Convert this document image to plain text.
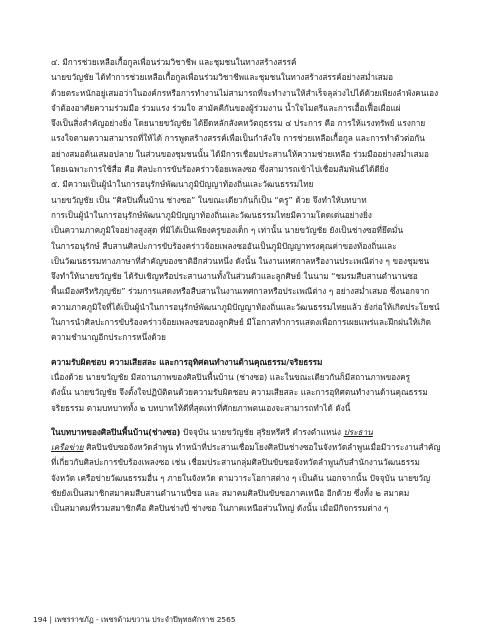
๔. มีการช่วยเหลือเกื้อกูลเพื่อนร่วมวิชาชีพ และชุมชนในทางสร้างสรรค์
นายขวัญชัย ได้ทำการช่วยเหลือเกื้อกูลเพื่อนร่วมวิชาชีพและชุมชนในทางสร้างสรรค์อย่างสม่ำเสมอ
ด้วยตระหนักอยู่เสมอว่าในองค์กรหรือการทำงานไม่สามารถที่จะทำงานให้สำเร็จลุล่วงไปได้ด้วยเพียงลำพังคนเอง
จำต้องอาศัยความร่วมมือ ร่วมแรง ร่วมใจ สามัคคีกันของผู้ร่วมงาน น้ำใจไมตรีและการเอื้อเฟื้อเผื่อแผ่
จึงเป็นสิ่งสำคัญอย่างยิ่ง โดยนายขวัญชัย ได้ยึดหลักสังคหวัตถุธรรม ๔ ประการ คือ การให้แรงทรัพย์ แรงกาย
แรงใจตามความสามารถที่ให้ได้ การพูดสร้างสรรค์เพื่อเป็นกำลังใจ การช่วยเหลือเกื้อกูล และการทำตัวต่อกัน
อย่างสมอต้นเสมอปลาย ในส่วนของชุมชนนั้น ได้มีการเชื่อมประสานให้ความช่วยเหลือ ร่วมมืออย่างสม่ำเสมอ
โดยเฉพาะการใช้สื่อ คือ ศิลปะการขับร้องคร่าวจ้อยเพลงซอ ซึ่งสามารถเข้าไปเชื่อมสัมพันธ์ได้ดียิ่ง
๕. มีความเป็นผู้นำในการอนุรักษ์พัฒนาภูมิปัญญาท้องถิ่นและวัฒนธรรมไทย
นายขวัญชัย เป็น “ศิลปินพื้นบ้าน ช่างซอ” ในขณะเดียวกันก็เป็น “ครู” ด้วย จึงทำให้บทบาท
การเป็นผู้นำในการอนุรักษ์พัฒนาภูมิปัญญาท้องถิ่นและวัฒนธรรมไทยมีความโดดเด่นอย่างยิ่ง
เป็นความภาคภูมิใจอย่างสูงสุด ที่มิได้เป็นเพียงครูของเด็ก ๆ เท่านั้น นายขวัญชัย ยังเป็นช่างซอที่ยึดมั่น
ในการอนุรักษ์ สืบสานศิลปะการขับร้องคร่าวจ้อยเพลงซออันเป็นภูมิปัญญาทรงคุณค่าของท้องถิ่นและ
เป็นวัฒนธรรมทางภาษาที่สำคัญของชาติอีกส่วนหนึ่ง ดังนั้น ในงานเทศกาลหรืองานประเพณีต่าง ๆ ของชุมชน
จึงทำให้นายขวัญชัย ได้รับเชิญหรือประสานงานทั้งในส่วนตัวและลูกศิษย์ ในนาม “ชมรมสืบสานตำนานซอ
พื้นเมืองศรีหริภุญชัย” ร่วมการแสดงหรือสืบสานในงานเทศกาลหรือประเพณีต่าง ๆ อย่างสม่ำเสมอ ซึ่งนอกจาก
ความภาคภูมิใจที่ได้เป็นผู้นำในการอนุรักษ์พัฒนาภูมิปัญญาท้องถิ่นและวัฒนธรรมไทยแล้ว ยังก่อให้เกิดประโยชน์
ในการนำศิลปะการขับร้องคร่าวจ้อยเพลงซอของลูกศิษย์ มีโอกาสทำการแสดงเพื่อการเผยแพร่และฝึกฝนให้เกิด
ความชำนาญอีกประการหนึ่งด้วย
ความรับผิดชอบ ความเสียสละ และการอุทิศตนทำงานด้านคุณธรรม/จริยธรรม
เนื่องด้วย นายขวัญชัย มีสถานภาพของศิลปินพื้นบ้าน (ช่างซอ) และในขณะเดียวกันก็มีสถานภาพของครู
ดังนั้น นายขวัญชัย จึงตั้งใจปฏิบัติตนด้วยความรับผิดชอบ ความเสียสละ และการอุทิศตนทำงานด้านคุณธรรม
จริยธรรม ตามบทบาททั้ง ๒ บทบาทให้ดีที่สุดเท่าที่ศักยภาพตนเองจะสามารถทำได้ ดังนี้
ในบทบาทของศิลปินพื้นบ้าน(ช่างซอ) ปัจจุบัน นายขวัญชัย สุริยหรีศรี ดำรงตำแหน่ง ประธาน
เครือข่าย ศิลปินขับซอจังหวัดลำพูน ทำหน้าที่ประสานเชื่อมโยงศิลปินช่างซอในจังหวัดลำพูนเมื่อมีวาระงานสำคัญ
ที่เกี่ยวกับศิลปะการขับร้องเพลงซอ เช่น เชื่อมประสานกลุ่มศิลปินขับซอจังหวัดลำพูนกับสำนักงานวัฒนธรรม
จังหวัด เครือข่ายวัฒนธรรมอื่น ๆ ภายในจังหวัด ตามวาระโอกาสต่าง ๆ เป็นต้น นอกจากนั้น ปัจจุบัน นายขวัญ
ชัยยังเป็นสมาชิกสมาคมสืบสานตำนานปี่ซอ และ สมาคมศิลปินขับซอภาคเหนือ อีกด้วย ซึ่งทั้ง ๒ สมาคม
เป็นสมาคมที่รวมสมาชิกคือ ศิลปินช่างปี่ ช่างซอ ในภาคเหนือส่วนใหญ่ ดังนั้น เมื่อมีกิจกรรมต่าง ๆ
194 | เพชรราชภัฏ - เพชรด้ามขวาน ประจำปีพุทธศักราช 2565
